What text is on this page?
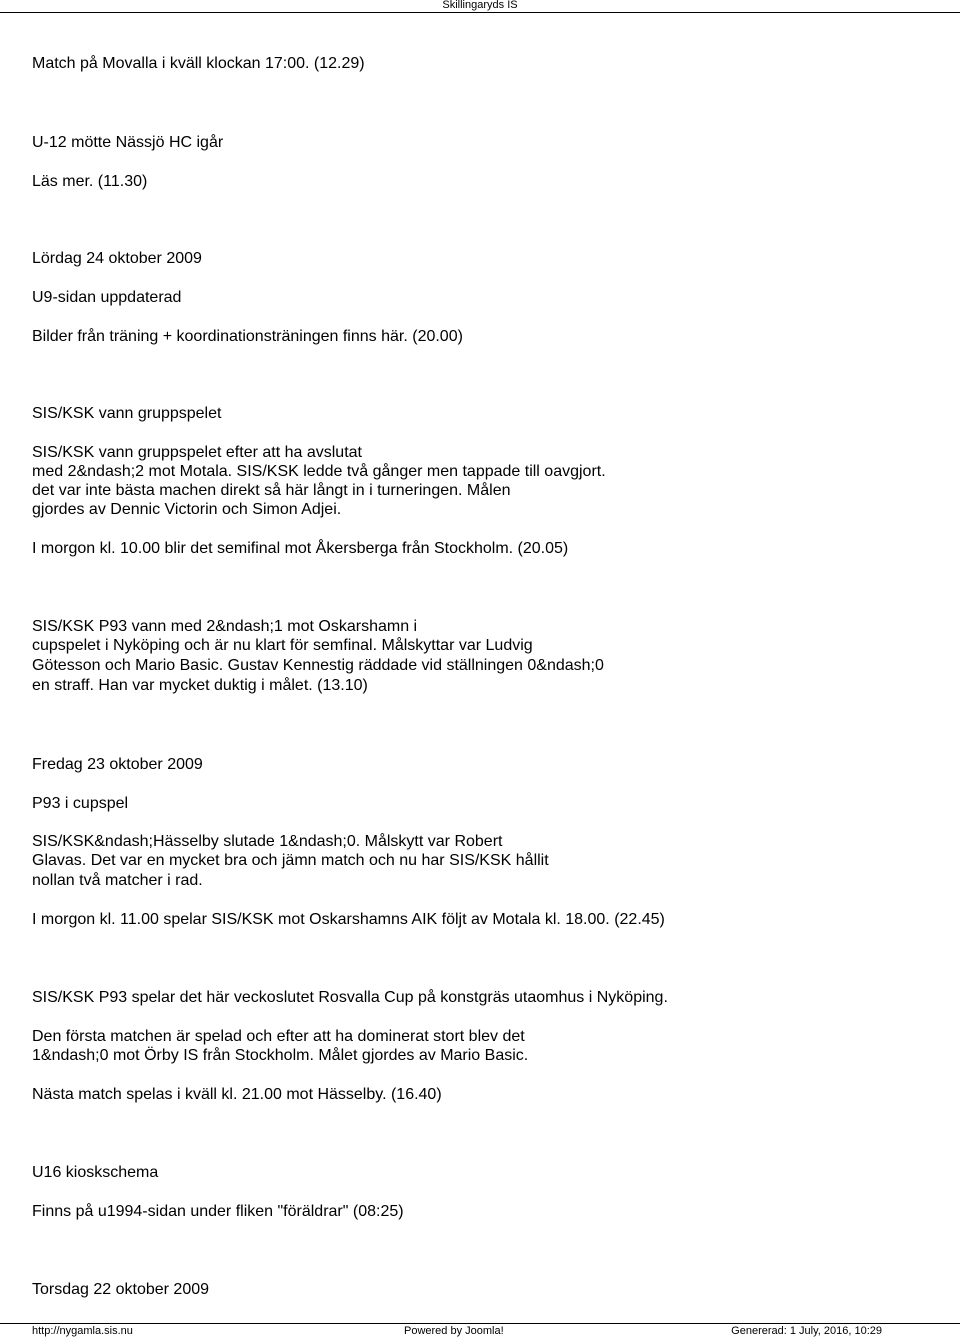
Skillingaryds IS
Match på Movalla i kväll klockan 17:00. (12.29)
U-12 mötte Nässjö HC igår
Läs mer. (11.30)
Lördag 24 oktober 2009
U9-sidan uppdaterad
Bilder från träning + koordinationsträningen finns här. (20.00)
SIS/KSK vann gruppspelet
SIS/KSK vann gruppspelet efter att ha avslutat
med 2&ndash;2 mot Motala. SIS/KSK ledde två gånger men tappade till oavgjort.
det var inte bästa machen direkt så här långt in i turneringen. Målen
gjordes av Dennic Victorin och Simon Adjei.
I morgon kl. 10.00 blir det semifinal mot Åkersberga från Stockholm. (20.05)
SIS/KSK P93 vann med 2&ndash;1 mot Oskarshamn i
cupspelet i Nyköping och är nu klart för semfinal. Målskyttar var Ludvig
Götesson och Mario Basic. Gustav Kennestig räddade vid ställningen 0&ndash;0
en straff. Han var mycket duktig i målet. (13.10)
Fredag 23 oktober 2009
P93 i cupspel
SIS/KSK&ndash;Hässelby slutade 1&ndash;0. Målskytt var Robert
Glavas. Det var en mycket bra och jämn match och nu har SIS/KSK hållit
nollan två matcher i rad.
I morgon kl. 11.00 spelar SIS/KSK mot Oskarshamns AIK följt av Motala kl. 18.00. (22.45)
SIS/KSK P93 spelar det här veckoslutet Rosvalla Cup på konstgräs utaomhus i Nyköping.
Den första matchen är spelad och efter att ha dominerat stort blev det
1&ndash;0 mot Örby IS från Stockholm. Målet gjordes av Mario Basic.
Nästa match spelas i kväll kl. 21.00 mot Hässelby. (16.40)
U16 kioskschema
Finns på u1994-sidan under fliken "föräldrar" (08:25)
Torsdag 22 oktober 2009
http://nygamla.sis.nu	Powered by Joomla!	Genererad: 1 July, 2016, 10:29
